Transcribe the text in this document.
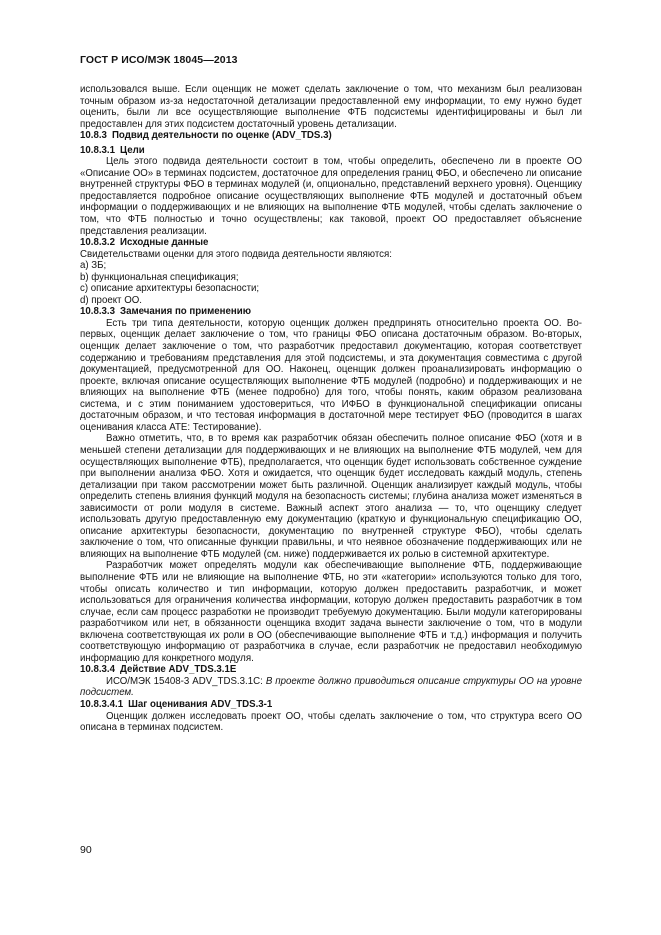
ГОСТ Р ИСО/МЭК 18045—2013

использовался выше. Если оценщик не может сделать заключение о том, что механизм был реализован точным образом из-за недостаточной детализации предоставленной ему информации, то ему нужно будет оценить, были ли все осуществляющие выполнение ФТБ подсистемы идентифицированы и был ли предоставлен для этих подсистем достаточный уровень детализации.

10.8.3 Подвид деятельности по оценке (ADV_TDS.3)

10.8.3.1 Цели

Цель этого подвида деятельности состоит в том, чтобы определить, обеспечено ли в проекте ОО «Описание ОО» в терминах подсистем, достаточное для определения границ ФБО, и обеспечено ли описание внутренней структуры ФБО в терминах модулей (и, опционально, представлений верхнего уровня). Оценщику предоставляется подробное описание осуществляющих выполнение ФТБ модулей и достаточный объем информации о поддерживающих и не влияющих на выполнение ФТБ модулей, чтобы сделать заключение о том, что ФТБ полностью и точно осуществлены; как таковой, проект ОО предоставляет объяснение представления реализации.

10.8.3.2 Исходные данные

Свидетельствами оценки для этого подвида деятельности являются:

a) ЗБ;

b) функциональная спецификация;

c) описание архитектуры безопасности;

d) проект ОО.

10.8.3.3 Замечания по применению

Есть три типа деятельности, которую оценщик должен предпринять относительно проекта ОО. Во-первых, оценщик делает заключение о том, что границы ФБО описана достаточным образом. Во-вторых, оценщик делает заключение о том, что разработчик предоставил документацию, которая соответствует содержанию и требованиям представления для этой подсистемы, и эта документация совместима с другой документацией, предусмотренной для ОО. Наконец, оценщик должен проанализировать информацию о проекте, включая описание осуществляющих выполнение ФТБ модулей (подробно) и поддерживающих и не влияющих на выполнение ФТБ (менее подробно) для того, чтобы понять, каким образом реализована система, и с этим пониманием удостовериться, что ИФБО в функциональной спецификации описаны достаточным образом, и что тестовая информация в достаточной мере тестирует ФБО (проводится в шагах оценивания класса ATE: Тестирование).

Важно отметить, что, в то время как разработчик обязан обеспечить полное описание ФБО (хотя и в меньшей степени детализации для поддерживающих и не влияющих на выполнение ФТБ модулей, чем для осуществляющих выполнение ФТБ), предполагается, что оценщик будет использовать собственное суждение при выполнении анализа ФБО. Хотя и ожидается, что оценщик будет исследовать каждый модуль, степень детализации при таком рассмотрении может быть различной. Оценщик анализирует каждый модуль, чтобы определить степень влияния функций модуля на безопасность системы; глубина анализа может изменяться в зависимости от роли модуля в системе. Важный аспект этого анализа — то, что оценщику следует использовать другую предоставленную ему документацию (краткую и функциональную спецификацию ОО, описание архитектуры безопасности, документацию по внутренней структуре ФБО), чтобы сделать заключение о том, что описанные функции правильны, и что неявное обозначение поддерживающих или не влияющих на выполнение ФТБ модулей (см. ниже) поддерживается их ролью в системной архитектуре.

Разработчик может определять модули как обеспечивающие выполнение ФТБ, поддерживающие выполнение ФТБ или не влияющие на выполнение ФТБ, но эти «категории» используются только для того, чтобы описать количество и тип информации, которую должен предоставить разработчик, и может использоваться для ограничения количества информации, которую должен предоставить разработчик в том случае, если сам процесс разработки не производит требуемую документацию. Были модули категорированы разработчиком или нет, в обязанности оценщика входит задача вынести заключение о том, что в модули включена соответствующая их роли в ОО (обеспечивающие выполнение ФТБ и т.д.) информация и получить соответствующую информацию от разработчика в случае, если разработчик не предоставил необходимую информацию для конкретного модуля.

10.8.3.4 Действие ADV_TDS.3.1E

ИСО/МЭК 15408-3 ADV_TDS.3.1C: В проекте должно приводиться описание структуры ОО на уровне подсистем.

10.8.3.4.1 Шаг оценивания ADV_TDS.3-1

Оценщик должен исследовать проект ОО, чтобы сделать заключение о том, что структура всего ОО описана в терминах подсистем.

90
